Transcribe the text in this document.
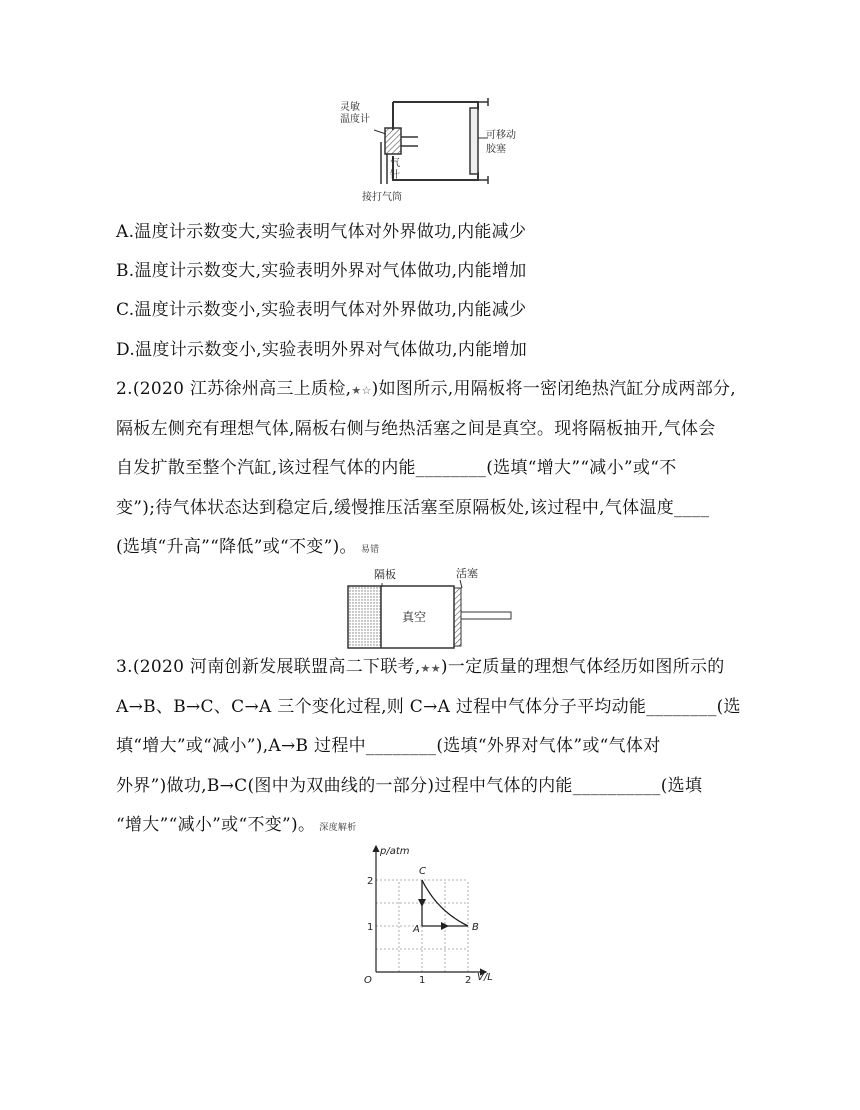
灵敏
温度计
可移动
胶塞
气
针
接打气筒
A.温度计示数变大,实验表明气体对外界做功,内能减少
B.温度计示数变大,实验表明外界对气体做功,内能增加
C.温度计示数变小,实验表明气体对外界做功,内能减少
D.温度计示数变小,实验表明外界对气体做功,内能增加
2.(2020 江苏徐州高三上质检,★☆)如图所示,用隔板将一密闭绝热汽缸分成两部分,
隔板左侧充有理想气体,隔板右侧与绝热活塞之间是真空。现将隔板抽开,气体会
自发扩散至整个汽缸,该过程气体的内能________(选填“增大”“减小”或“不
变”);待气体状态达到稳定后,缓慢推压活塞至原隔板处,该过程中,气体温度____
(选填“升高”“降低”或“不变”)。 易错
隔板	活塞
真空
3.(2020 河南创新发展联盟高二下联考,★★)一定质量的理想气体经历如图所示的
A→B、B→C、C→A 三个变化过程,则 C→A 过程中气体分子平均动能________(选
填“增大”或“减小”),A→B 过程中________(选填“外界对气体”或“气体对
外界”)做功,B→C(图中为双曲线的一部分)过程中气体的内能__________(选填
“增大”“减小”或“不变”)。 深度解析
p/atm
V/L
O	1	2
1
2
A	B
C
